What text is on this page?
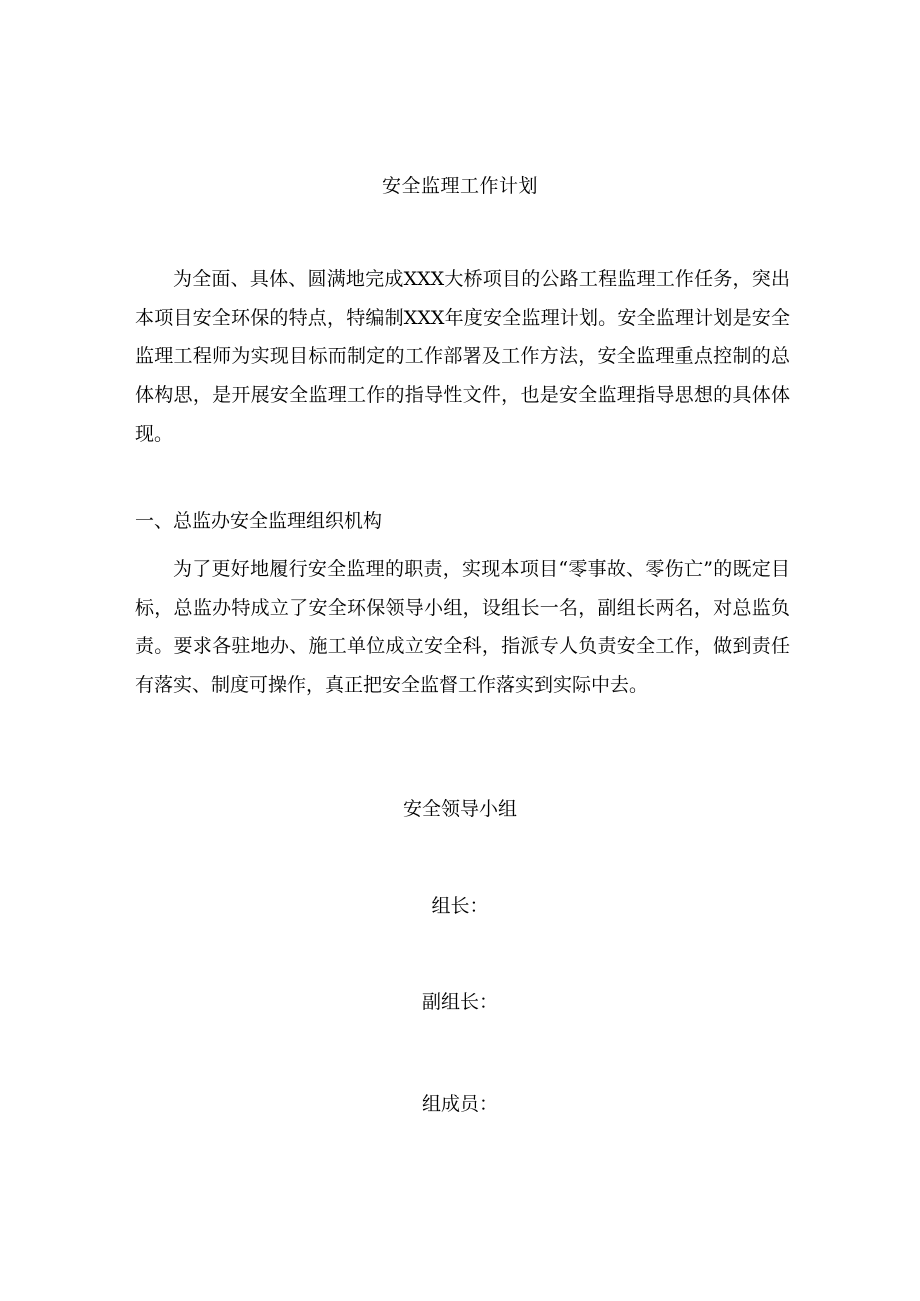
安全监理工作计划

为全面、具体、圆满地完成XXX大桥项目的公路工程监理工作任务，突出本项目安全环保的特点，特编制XXX年度安全监理计划。安全监理计划是安全监理工程师为实现目标而制定的工作部署及工作方法，安全监理重点控制的总体构思，是开展安全监理工作的指导性文件，也是安全监理指导思想的具体体现。

一、总监办安全监理组织机构

为了更好地履行安全监理的职责，实现本项目“零事故、零伤亡”的既定目标，总监办特成立了安全环保领导小组，设组长一名，副组长两名，对总监负责。要求各驻地办、施工单位成立安全科，指派专人负责安全工作，做到责任有落实、制度可操作，真正把安全监督工作落实到实际中去。

安全领导小组
组长：
副组长：
组成员：
